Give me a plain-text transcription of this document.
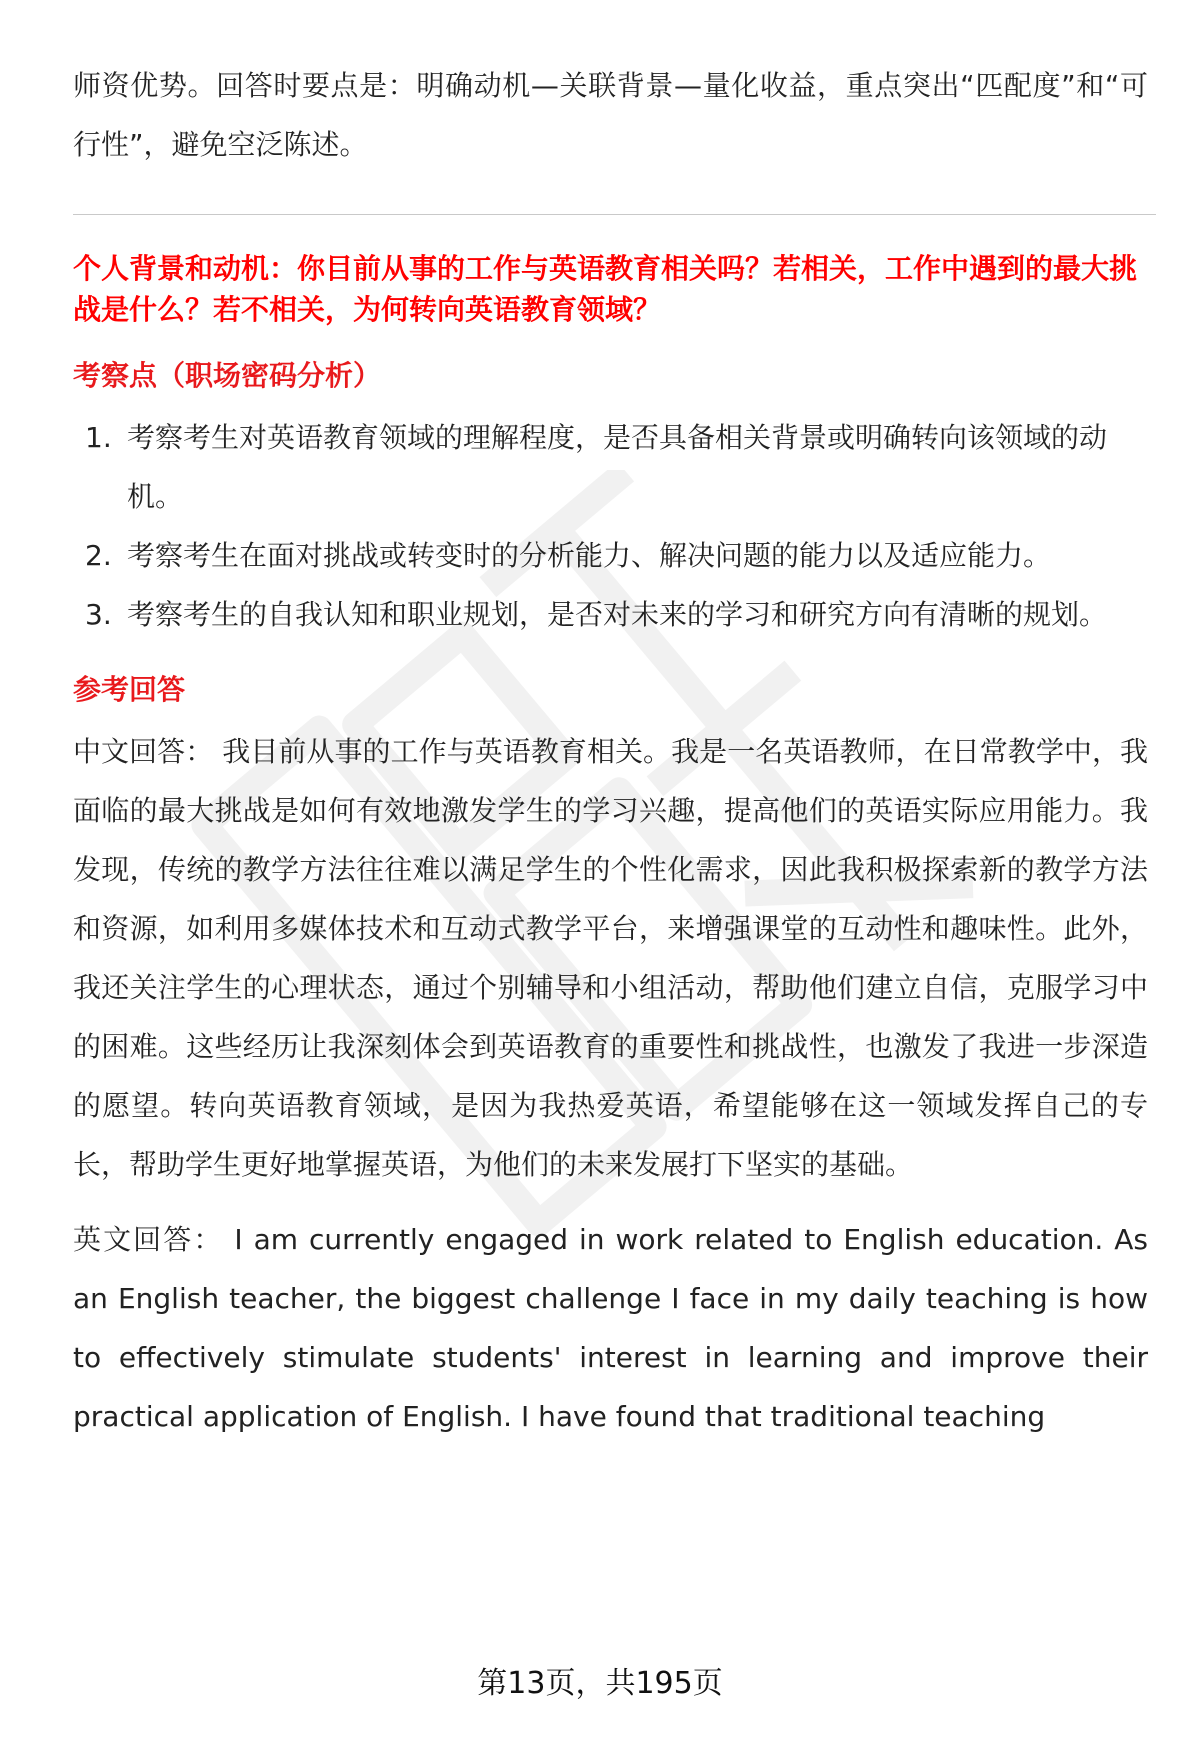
师资优势。回答时要点是：明确动机—关联背景—量化收益，重点突出“匹配度”和“可行性”，避免空泛陈述。

个人背景和动机：你目前从事的工作与英语教育相关吗？若相关，工作中遇到的最大挑战是什么？若不相关，为何转向英语教育领域？

考察点（职场密码分析）
1. 考察考生对英语教育领域的理解程度，是否具备相关背景或明确转向该领域的动机。
2. 考察考生在面对挑战或转变时的分析能力、解决问题的能力以及适应能力。
3. 考察考生的自我认知和职业规划，是否对未来的学习和研究方向有清晰的规划。
参考回答

中文回答： 我目前从事的工作与英语教育相关。我是一名英语教师，在日常教学中，我面临的最大挑战是如何有效地激发学生的学习兴趣，提高他们的英语实际应用能力。我发现，传统的教学方法往往难以满足学生的个性化需求，因此我积极探索新的教学方法和资源，如利用多媒体技术和互动式教学平台，来增强课堂的互动性和趣味性。此外，我还关注学生的心理状态，通过个别辅导和小组活动，帮助他们建立自信，克服学习中的困难。这些经历让我深刻体会到英语教育的重要性和挑战性，也激发了我进一步深造的愿望。转向英语教育领域，是因为我热爱英语，希望能够在这一领域发挥自己的专长，帮助学生更好地掌握英语，为他们的未来发展打下坚实的基础。

英文回答： I am currently engaged in work related to English education. As an English teacher, the biggest challenge I face in my daily teaching is how to effectively stimulate students' interest in learning and improve their practical application of English. I have found that traditional teaching

第13页，共195页
